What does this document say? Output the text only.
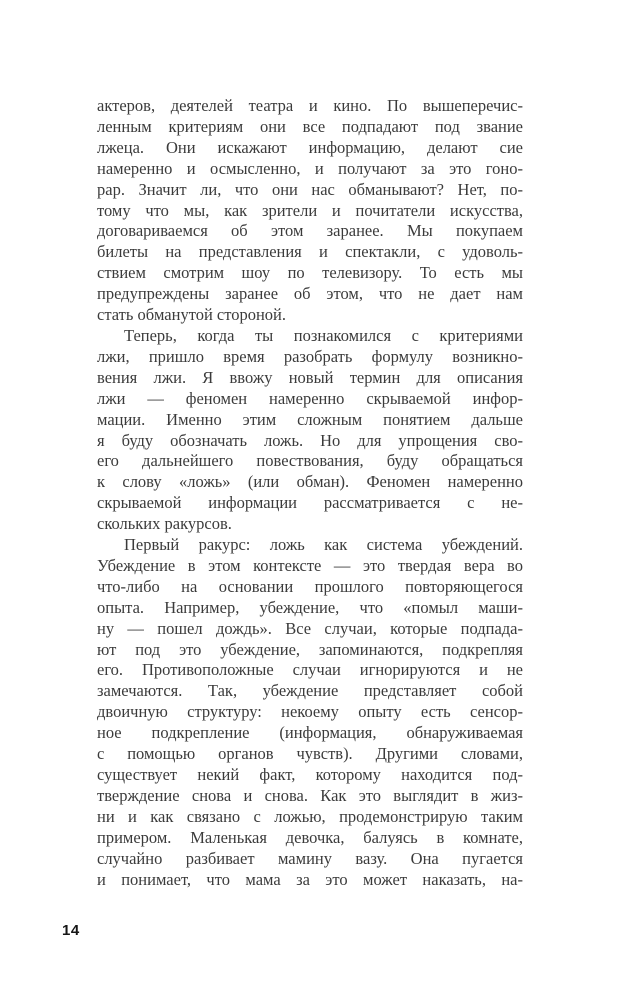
актеров, деятелей театра и кино. По вышеперечис-
ленным критериям они все подпадают под звание
лжеца. Они искажают информацию, делают сие
намеренно и осмысленно, и получают за это гоно-
рар. Значит ли, что они нас обманывают? Нет, по-
тому что мы, как зрители и почитатели искусства,
договариваемся об этом заранее. Мы покупаем
билеты на представления и спектакли, с удоволь-
ствием смотрим шоу по телевизору. То есть мы
предупреждены заранее об этом, что не дает нам
стать обманутой стороной.
Теперь, когда ты познакомился с критериями
лжи, пришло время разобрать формулу возникно-
вения лжи. Я ввожу новый термин для описания
лжи — феномен намеренно скрываемой инфор-
мации. Именно этим сложным понятием дальше
я буду обозначать ложь. Но для упрощения сво-
его дальнейшего повествования, буду обращаться
к слову «ложь» (или обман). Феномен намеренно
скрываемой информации рассматривается с не-
скольких ракурсов.
Первый ракурс: ложь как система убеждений.
Убеждение в этом контексте — это твердая вера во
что-либо на основании прошлого повторяющегося
опыта. Например, убеждение, что «помыл маши-
ну — пошел дождь». Все случаи, которые подпада-
ют под это убеждение, запоминаются, подкрепляя
его. Противоположные случаи игнорируются и не
замечаются. Так, убеждение представляет собой
двоичную структуру: некоему опыту есть сенсор-
ное подкрепление (информация, обнаруживаемая
с помощью органов чувств). Другими словами,
существует некий факт, которому находится под-
тверждение снова и снова. Как это выглядит в жиз-
ни и как связано с ложью, продемонстрирую таким
примером. Маленькая девочка, балуясь в комнате,
случайно разбивает мамину вазу. Она пугается
и понимает, что мама за это может наказать, на-
14
